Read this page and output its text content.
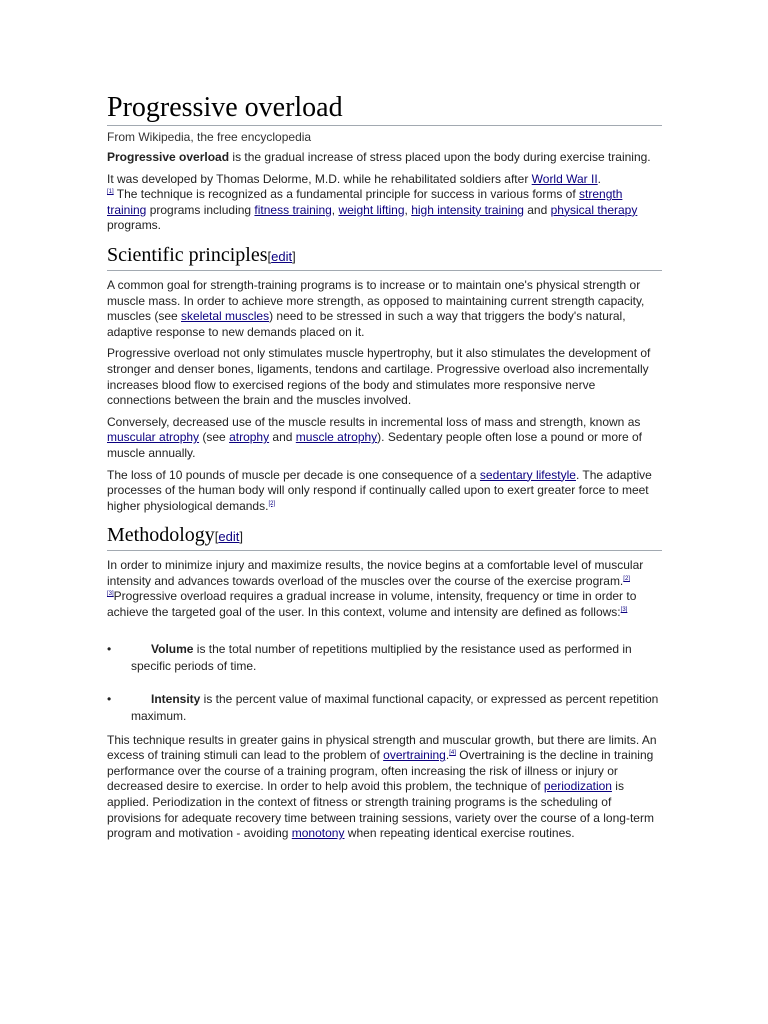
Progressive overload
From Wikipedia, the free encyclopedia

Progressive overload is the gradual increase of stress placed upon the body during exercise training.

It was developed by Thomas Delorme, M.D. while he rehabilitated soldiers after World War II.
[1] The technique is recognized as a fundamental principle for success in various forms of strength training programs including fitness training, weight lifting, high intensity training and physical therapy programs.

Scientific principles[edit]

A common goal for strength-training programs is to increase or to maintain one's physical strength or muscle mass. In order to achieve more strength, as opposed to maintaining current strength capacity, muscles (see skeletal muscles) need to be stressed in such a way that triggers the body's natural, adaptive response to new demands placed on it.

Progressive overload not only stimulates muscle hypertrophy, but it also stimulates the development of stronger and denser bones, ligaments, tendons and cartilage. Progressive overload also incrementally increases blood flow to exercised regions of the body and stimulates more responsive nerve connections between the brain and the muscles involved.

Conversely, decreased use of the muscle results in incremental loss of mass and strength, known as muscular atrophy (see atrophy and muscle atrophy). Sedentary people often lose a pound or more of muscle annually.

The loss of 10 pounds of muscle per decade is one consequence of a sedentary lifestyle. The adaptive processes of the human body will only respond if continually called upon to exert greater force to meet higher physiological demands.[2]

Methodology[edit]

In order to minimize injury and maximize results, the novice begins at a comfortable level of muscular intensity and advances towards overload of the muscles over the course of the exercise program.[2][3]Progressive overload requires a gradual increase in volume, intensity, frequency or time in order to achieve the targeted goal of the user. In this context, volume and intensity are defined as follows:[3]

•	Volume is the total number of repetitions multiplied by the resistance used as performed in specific periods of time.
•	Intensity is the percent value of maximal functional capacity, or expressed as percent repetition maximum.

This technique results in greater gains in physical strength and muscular growth, but there are limits. An excess of training stimuli can lead to the problem of overtraining.[4] Overtraining is the decline in training performance over the course of a training program, often increasing the risk of illness or injury or decreased desire to exercise. In order to help avoid this problem, the technique of periodization is applied. Periodization in the context of fitness or strength training programs is the scheduling of provisions for adequate recovery time between training sessions, variety over the course of a long-term program and motivation - avoiding monotony when repeating identical exercise routines.
